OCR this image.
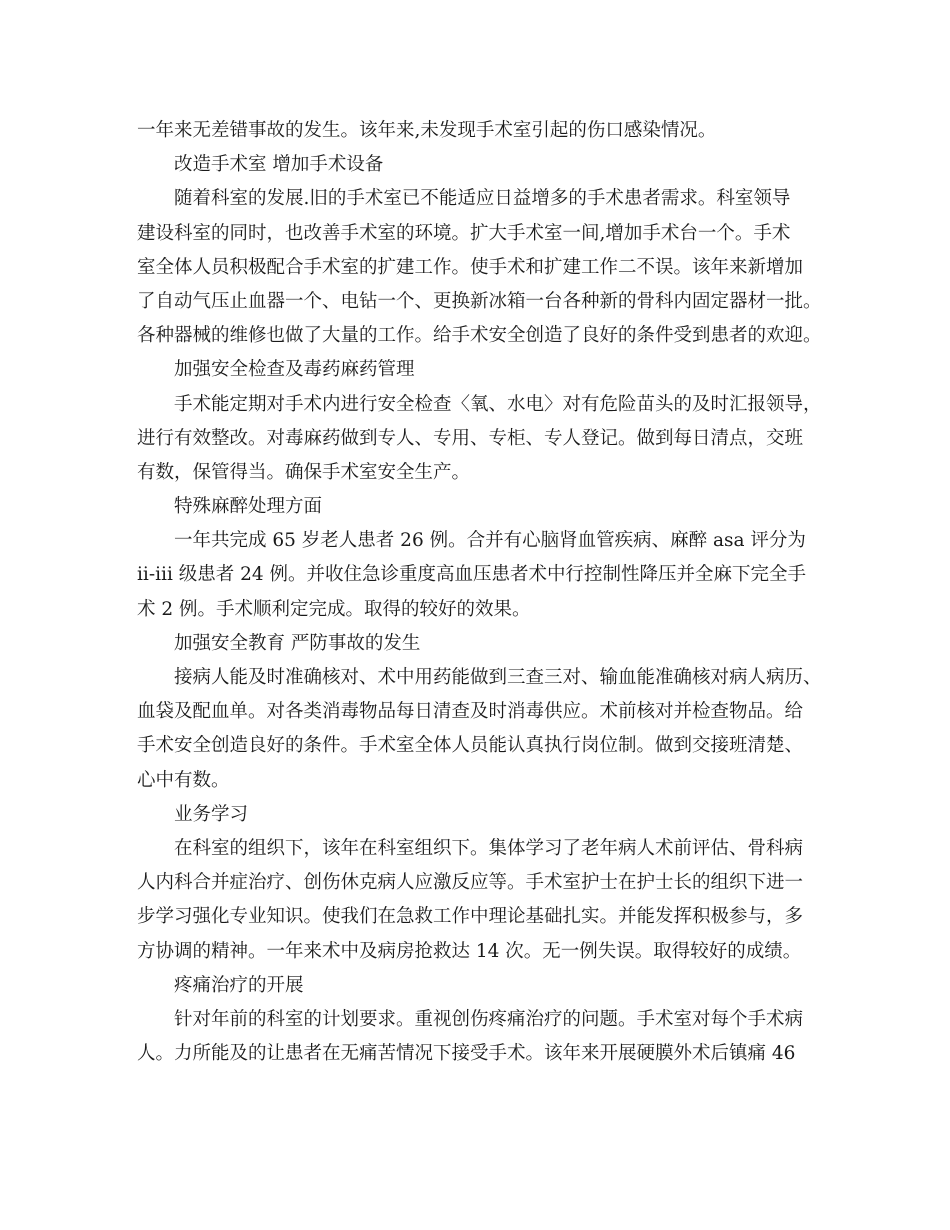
一年来无差错事故的发生。该年来,未发现手术室引起的伤口感染情况。
改造手术室 增加手术设备
随着科室的发展.旧的手术室已不能适应日益增多的手术患者需求。科室领导
建设科室的同时，也改善手术室的环境。扩大手术室一间,增加手术台一个。手术
室全体人员积极配合手术室的扩建工作。使手术和扩建工作二不误。该年来新增加
了自动气压止血器一个、电钻一个、更换新冰箱一台各种新的骨科内固定器材一批。
各种器械的维修也做了大量的工作。给手术安全创造了良好的条件受到患者的欢迎。
加强安全检查及毒药麻药管理
手术能定期对手术内进行安全检查〈氧、水电〉对有危险苗头的及时汇报领导，
进行有效整改。对毒麻药做到专人、专用、专柜、专人登记。做到每日清点，交班
有数，保管得当。确保手术室安全生产。
特殊麻醉处理方面
一年共完成 65 岁老人患者 26 例。合并有心脑肾血管疾病、麻醉 asa 评分为
ⅱ-ⅲ 级患者 24 例。并收住急诊重度高血压患者术中行控制性降压并全麻下完全手
术 2 例。手术顺利定完成。取得的较好的效果。
加强安全教育 严防事故的发生
接病人能及时准确核对、术中用药能做到三查三对、输血能准确核对病人病历、
血袋及配血单。对各类消毒物品每日清查及时消毒供应。术前核对并检查物品。给
手术安全创造良好的条件。手术室全体人员能认真执行岗位制。做到交接班清楚、
心中有数。
业务学习
在科室的组织下，该年在科室组织下。集体学习了老年病人术前评估、骨科病
人内科合并症治疗、创伤休克病人应激反应等。手术室护士在护士长的组织下进一
步学习强化专业知识。使我们在急救工作中理论基础扎实。并能发挥积极参与，多
方协调的精神。一年来术中及病房抢救达 14 次。无一例失误。取得较好的成绩。
疼痛治疗的开展
针对年前的科室的计划要求。重视创伤疼痛治疗的问题。手术室对每个手术病
人。力所能及的让患者在无痛苦情况下接受手术。该年来开展硬膜外术后镇痛 46
